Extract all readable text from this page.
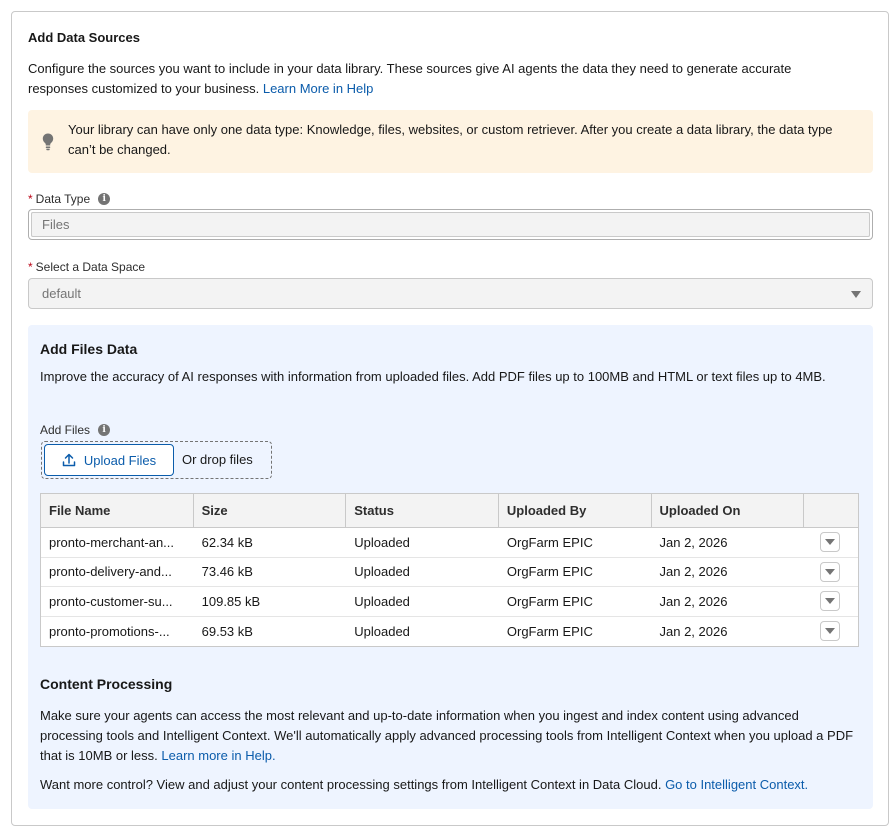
Add Data Sources
Configure the sources you want to include in your data library. These sources give AI agents the data they need to generate accurate responses customized to your business. Learn More in Help
Your library can have only one data type: Knowledge, files, websites, or custom retriever. After you create a data library, the data type can’t be changed.
* Data Type	i
Files
* Select a Data Space
default
Add Files Data
Improve the accuracy of AI responses with information from uploaded files. Add PDF files up to 100MB and HTML or text files up to 4MB.
Add Files	i
Upload Files Or drop files
File Name	Size	Status	Uploaded By	Uploaded On
pronto-merchant-an...	62.34 kB	Uploaded	OrgFarm EPIC	Jan 2, 2026
pronto-delivery-and...	73.46 kB	Uploaded	OrgFarm EPIC	Jan 2, 2026
pronto-customer-su...	109.85 kB	Uploaded	OrgFarm EPIC	Jan 2, 2026
pronto-promotions-...	69.53 kB	Uploaded	OrgFarm EPIC	Jan 2, 2026
Content Processing
Make sure your agents can access the most relevant and up-to-date information when you ingest and index content using advanced processing tools and Intelligent Context. We'll automatically apply advanced processing tools from Intelligent Context when you upload a PDF that is 10MB or less. Learn more in Help.
Want more control? View and adjust your content processing settings from Intelligent Context in Data Cloud. Go to Intelligent Context.
